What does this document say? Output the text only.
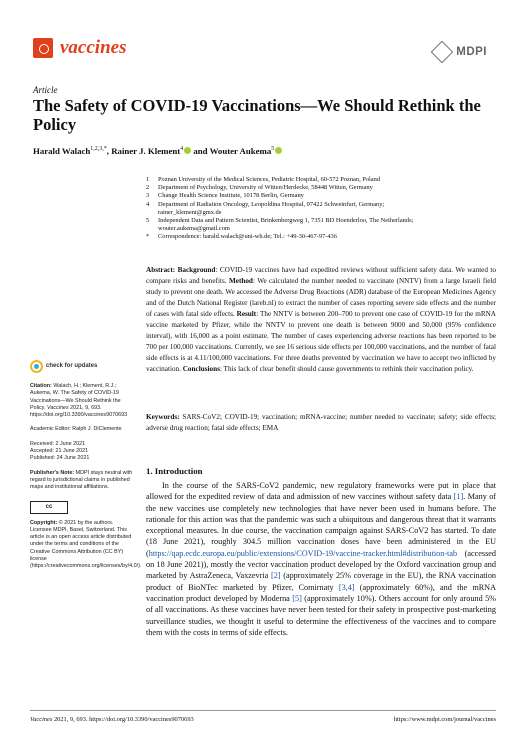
vaccines	MDPI
Article
The Safety of COVID-19 Vaccinations—We Should Rethink the Policy
Harald Walach$^{1,2,3,*}$, Rainer J. Klement$^4$ and Wouter Aukema$^5$
1	Poznan University of the Medical Sciences, Pediatric Hospital, 60-572 Poznan, Poland
2	Department of Psychology, University of Witten/Herdecke, 58448 Witten, Germany
3	Change Health Science Institute, 10178 Berlin, Germany
4	Department of Radiation Oncology, Leopoldina Hospital, 97422 Schweinfurt, Germany;
rainer_klement@gmx.de
5	Independent Data and Pattern Scientist, Brinkenbergweg 1, 7351 BD Hoenderloo, The Netherlands;
wouter.aukema@gmail.com
*	Correspondence: harald.walach@uni-wh.de; Tel.: +49-30-467-97-436
Abstract: Background: COVID-19 vaccines have had expedited reviews without sufficient safety data. We wanted to compare risks and benefits. Method: We calculated the number needed to vaccinate (NNTV) from a large Israeli field study to prevent one death. We accessed the Adverse Drug Reactions (ADR) database of the European Medicines Agency and of the Dutch National Register (lareb.nl) to extract the number of cases reporting severe side effects and the number of cases with fatal side effects. Result: The NNTV is between 200–700 to prevent one case of COVID-19 for the mRNA vaccine marketed by Pfizer, while the NNTV to prevent one death is between 9000 and 50,000 (95% confidence interval), with 16,000 as a point estimate. The number of cases experiencing adverse reactions has been reported to be 700 per 100,000 vaccinations. Currently, we see 16 serious side effects per 100,000 vaccinations, and the number of fatal side effects is at 4.11/100,000 vaccinations. For three deaths prevented by vaccination we have to accept two inflicted by vaccination. Conclusions: This lack of clear benefit should cause governments to rethink their vaccination policy.
Keywords: SARS-CoV2; COVID-19; vaccination; mRNA-vaccine; number needed to vaccinate; safety; side effects; adverse drug reaction; fatal side effects; EMA
check for updates
Citation: Walach, H.; Klement, R.J.; Aukema, W. The Safety of COVID-19 Vaccinations—We Should Rethink the Policy. Vaccines 2021, 9, 693. https://doi.org/10.3390/vaccines9070693
Academic Editor: Ralph J. DiClemente
Received: 2 June 2021
Accepted: 21 June 2021
Published: 24 June 2021
Publisher's Note: MDPI stays neutral with regard to jurisdictional claims in published maps and institutional affiliations.
cc
Copyright: © 2021 by the authors. Licensee MDPI, Basel, Switzerland. This article is an open access article distributed under the terms and conditions of the Creative Commons Attribution (CC BY) license (https://creativecommons.org/licenses/by/4.0/).
1. Introduction
In the course of the SARS-CoV2 pandemic, new regulatory frameworks were put in place that allowed for the expedited review of data and admission of new vaccines without safety data [1]. Many of the new vaccines use completely new technologies that have never been used in humans before. The rationale for this action was that the pandemic was such a ubiquitous and dangerous threat that it warrants exceptional measures. In due course, the vaccination campaign against SARS-CoV2 has started. To date (18 June 2021), roughly 304.5 million vaccination doses have been administered in the EU (https://qap.ecdc.europa.eu/public/extensions/COVID-19/vaccine-tracker.html#distribution-tab (accessed on 18 June 2021)), mostly the vector vaccination product developed by the Oxford vaccination group and marketed by AstraZeneca, Vaxzevria [2] (approximately 25% coverage in the EU), the RNA vaccination product of BioNTec marketed by Pfizer, Comirnaty [3,4] (approximately 60%), and the mRNA vaccination product developed by Moderna [5] (approximately 10%). Others account for only around 5% of all vaccinations. As these vaccines have never been tested for their safety in prospective post-marketing surveillance studies, we thought it useful to determine the effectiveness of the vaccines and to compare them with the costs in terms of side effects.
Vaccines 2021, 9, 693. https://doi.org/10.3390/vaccines9070693	https://www.mdpi.com/journal/vaccines
